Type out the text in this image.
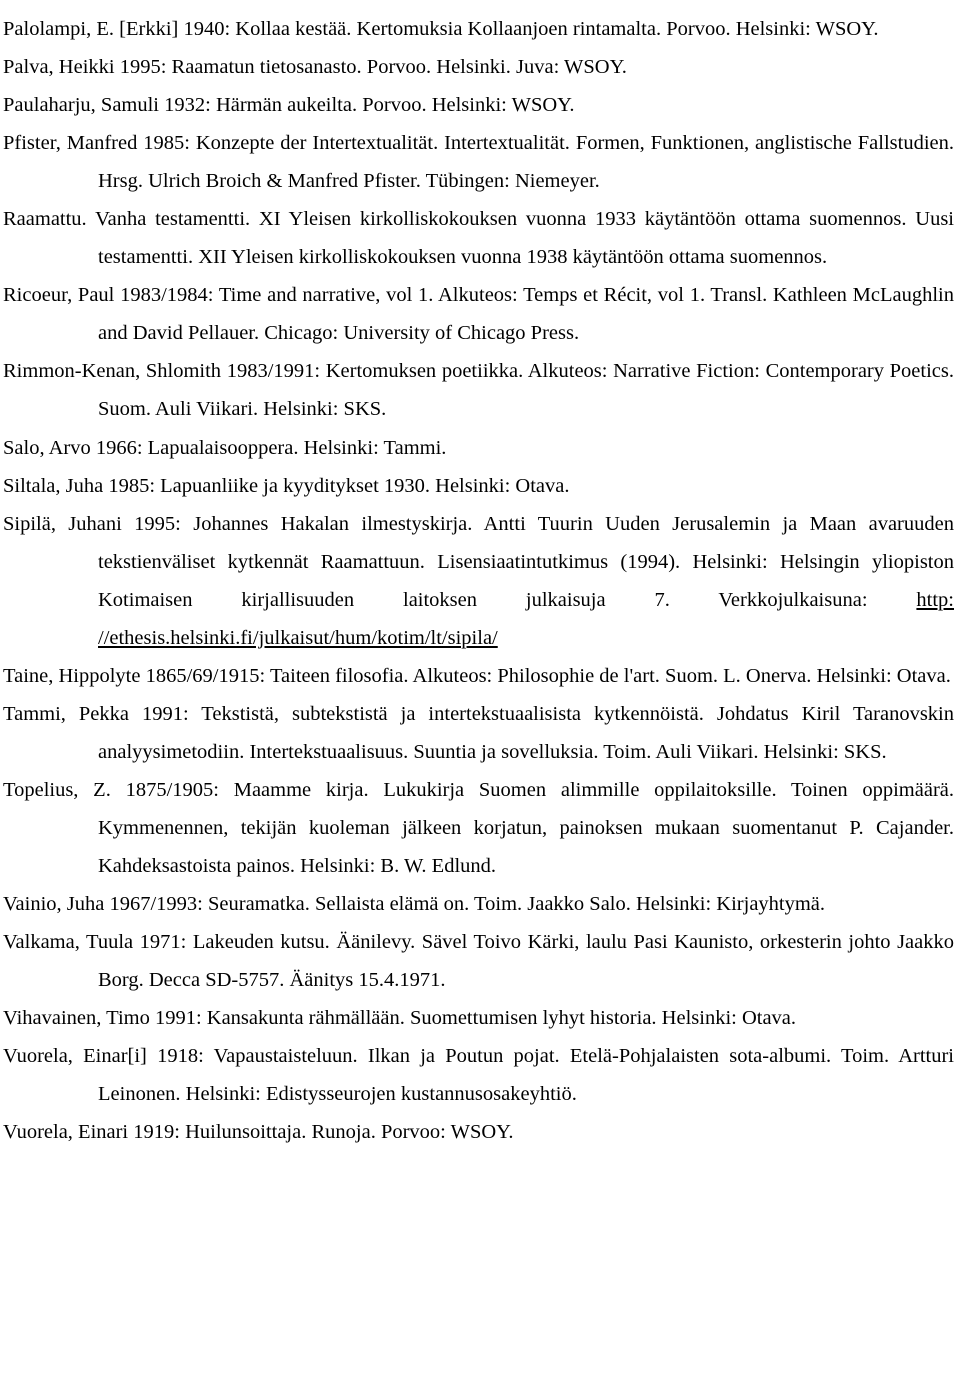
Palolampi, E. [Erkki] 1940: Kollaa kestää. Kertomuksia Kollaanjoen rintamalta. Porvoo. Helsinki: WSOY.

Palva, Heikki 1995: Raamatun tietosanasto. Porvoo. Helsinki. Juva: WSOY.

Paulaharju, Samuli 1932: Härmän aukeilta. Porvoo. Helsinki: WSOY.

Pfister, Manfred 1985: Konzepte der Intertextualität. Intertextualität. Formen, Funktionen, anglistische Fallstudien. Hrsg. Ulrich Broich & Manfred Pfister. Tübingen: Niemeyer.

Raamattu. Vanha testamentti. XI Yleisen kirkolliskokouksen vuonna 1933 käytäntöön ottama suomennos. Uusi testamentti. XII Yleisen kirkolliskokouksen vuonna 1938 käytäntöön ottama suomennos.

Ricoeur, Paul 1983/1984: Time and narrative, vol 1. Alkuteos: Temps et Récit, vol 1. Transl. Kathleen McLaughlin and David Pellauer. Chicago: University of Chicago Press.

Rimmon-Kenan, Shlomith 1983/1991: Kertomuksen poetiikka. Alkuteos: Narrative Fiction: Contemporary Poetics. Suom. Auli Viikari. Helsinki: SKS.

Salo, Arvo 1966: Lapualaisooppera. Helsinki: Tammi.

Siltala, Juha 1985: Lapuanliike ja kyyditykset 1930. Helsinki: Otava.

Sipilä, Juhani 1995: Johannes Hakalan ilmestyskirja. Antti Tuurin Uuden Jerusalemin ja Maan avaruuden tekstienväliset kytkennät Raamattuun. Lisensiaatintutkimus (1994). Helsinki: Helsingin yliopiston Kotimaisen kirjallisuuden laitoksen julkaisuja 7. Verkkojulkaisuna: http: //ethesis.helsinki.fi/julkaisut/hum/kotim/lt/sipila/

Taine, Hippolyte 1865/69/1915: Taiteen filosofia. Alkuteos: Philosophie de l'art. Suom. L. Onerva. Helsinki: Otava.

Tammi, Pekka 1991: Tekstistä, subtekstistä ja intertekstuaalisista kytkennöistä. Johdatus Kiril Taranovskin analyysimetodiin. Intertekstuaalisuus. Suuntia ja sovelluksia. Toim. Auli Viikari. Helsinki: SKS.

Topelius, Z. 1875/1905: Maamme kirja. Lukukirja Suomen alimmille oppilaitoksille. Toinen oppimäärä. Kymmenennen, tekijän kuoleman jälkeen korjatun, painoksen mukaan suomentanut P. Cajander. Kahdeksastoista painos. Helsinki: B. W. Edlund.

Vainio, Juha 1967/1993: Seuramatka. Sellaista elämä on. Toim. Jaakko Salo. Helsinki: Kirjayhtymä.

Valkama, Tuula 1971: Lakeuden kutsu. Äänilevy. Sävel Toivo Kärki, laulu Pasi Kaunisto, orkesterin johto Jaakko Borg. Decca SD-5757. Äänitys 15.4.1971.

Vihavainen, Timo 1991: Kansakunta rähmällään. Suomettumisen lyhyt historia. Helsinki: Otava.

Vuorela, Einar[i] 1918: Vapaustaisteluun. Ilkan ja Poutun pojat. Etelä-Pohjalaisten sota-albumi. Toim. Artturi Leinonen. Helsinki: Edistysseurojen kustannusosakeyhtiö.

Vuorela, Einari 1919: Huilunsoittaja. Runoja. Porvoo: WSOY.
